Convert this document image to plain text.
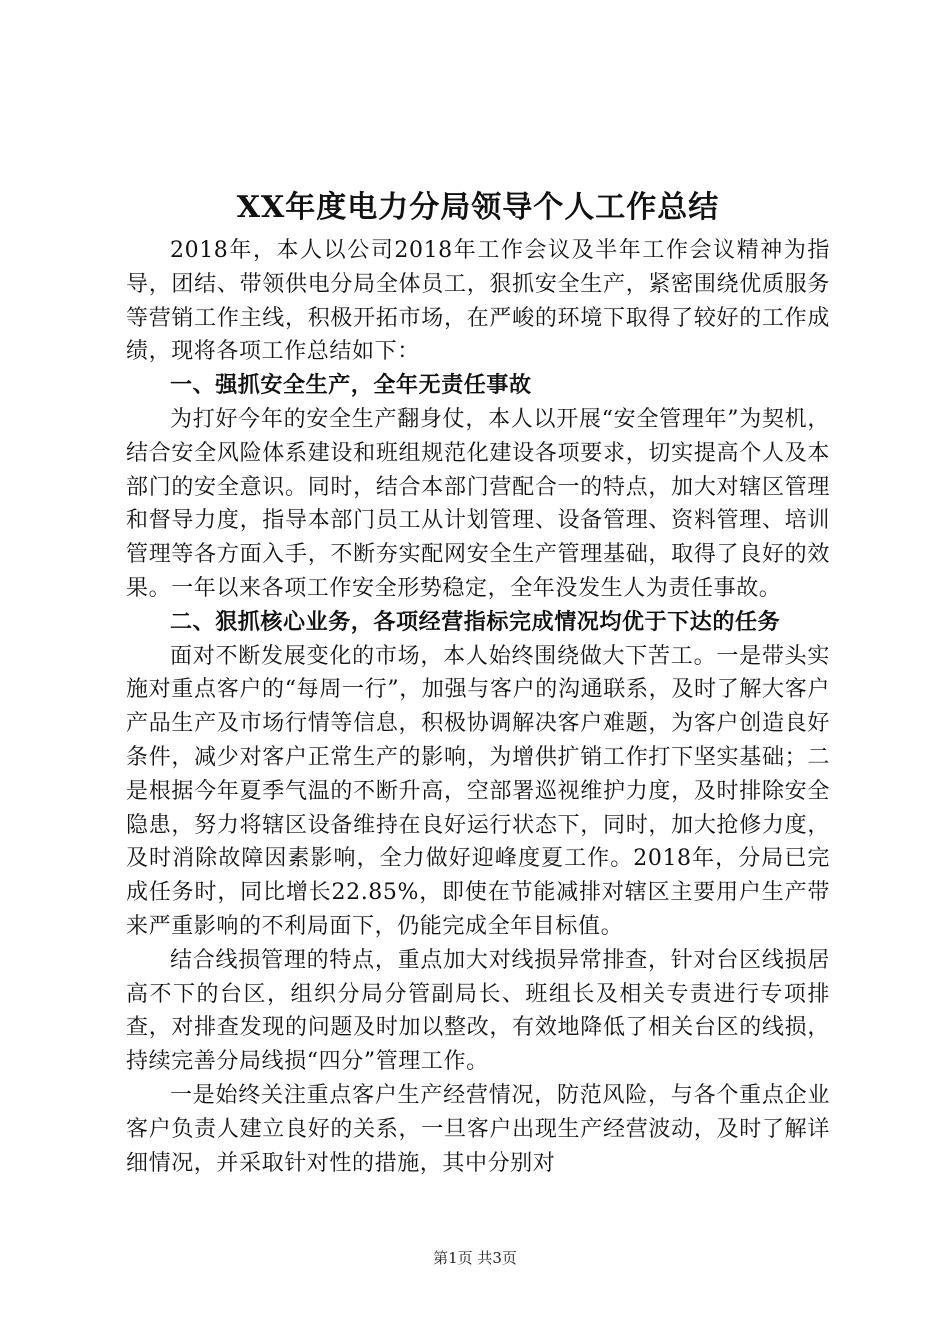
XX年度电力分局领导个人工作总结

2018年，本人以公司2018年工作会议及半年工作会议精神为指导，团结、带领供电分局全体员工，狠抓安全生产，紧密围绕优质服务等营销工作主线，积极开拓市场，在严峻的环境下取得了较好的工作成绩，现将各项工作总结如下：

一、强抓安全生产，全年无责任事故

为打好今年的安全生产翻身仗，本人以开展“安全管理年”为契机，结合安全风险体系建设和班组规范化建设各项要求，切实提高个人及本部门的安全意识。同时，结合本部门营配合一的特点，加大对辖区管理和督导力度，指导本部门员工从计划管理、设备管理、资料管理、培训管理等各方面入手，不断夯实配网安全生产管理基础，取得了良好的效果。一年以来各项工作安全形势稳定，全年没发生人为责任事故。

二、狠抓核心业务，各项经营指标完成情况均优于下达的任务

面对不断发展变化的市场，本人始终围绕做大下苦工。一是带头实施对重点客户的“每周一行”，加强与客户的沟通联系，及时了解大客户产品生产及市场行情等信息，积极协调解决客户难题，为客户创造良好条件，减少对客户正常生产的影响，为增供扩销工作打下坚实基础；二是根据今年夏季气温的不断升高，空部署巡视维护力度，及时排除安全隐患，努力将辖区设备维持在良好运行状态下，同时，加大抢修力度，及时消除故障因素影响，全力做好迎峰度夏工作。2018年，分局已完成任务时，同比增长22.85%，即使在节能减排对辖区主要用户生产带来严重影响的不利局面下，仍能完成全年目标值。

结合线损管理的特点，重点加大对线损异常排查，针对台区线损居高不下的台区，组织分局分管副局长、班组长及相关专责进行专项排查，对排查发现的问题及时加以整改，有效地降低了相关台区的线损，持续完善分局线损“四分”管理工作。

一是始终关注重点客户生产经营情况，防范风险，与各个重点企业客户负责人建立良好的关系，一旦客户出现生产经营波动，及时了解详细情况，并采取针对性的措施，其中分别对

第1页 共3页
